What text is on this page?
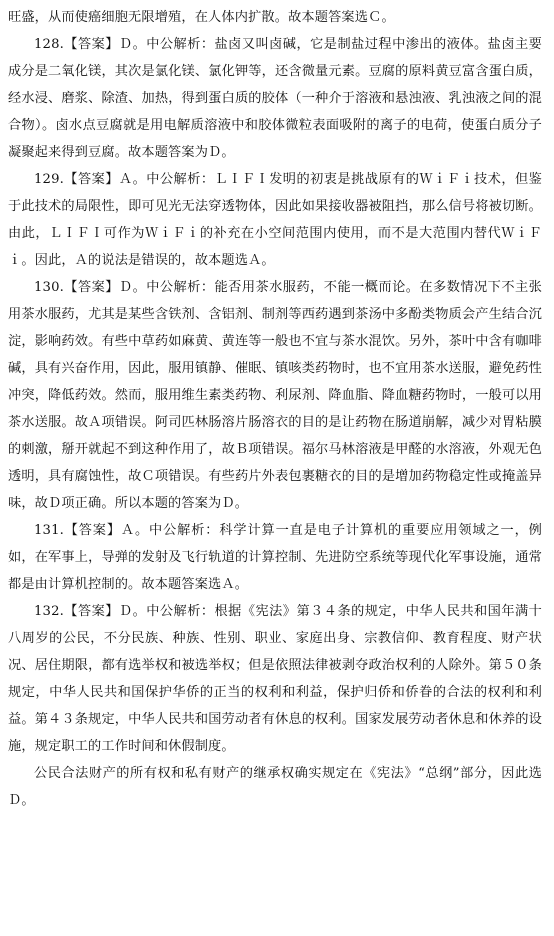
旺盛，从而使癌细胞无限增殖，在人体内扩散。故本题答案选Ｃ。

128.【答案】Ｄ。中公解析：盐卤又叫卤碱，它是制盐过程中渗出的液体。盐卤主要成分是二氧化镁，其次是氯化镁、氯化钾等，还含微量元素。豆腐的原料黄豆富含蛋白质，经水浸、磨浆、除渣、加热，得到蛋白质的胶体（一种介于溶液和悬浊液、乳浊液之间的混合物）。卤水点豆腐就是用电解质溶液中和胶体微粒表面吸附的离子的电荷，使蛋白质分子凝聚起来得到豆腐。故本题答案为Ｄ。

129.【答案】Ａ。中公解析：ＬＩＦＩ发明的初衷是挑战原有的ＷｉＦｉ技术，但鉴于此技术的局限性，即可见光无法穿透物体，因此如果接收器被阻挡，那么信号将被切断。由此，ＬＩＦＩ可作为ＷｉＦｉ的补充在小空间范围内使用，而不是大范围内替代ＷｉＦｉ。因此，Ａ的说法是错误的，故本题选Ａ。

130.【答案】Ｄ。中公解析：能否用茶水服药，不能一概而论。在多数情况下不主张用茶水服药，尤其是某些含铁剂、含铝剂、制剂等西药遇到茶汤中多酚类物质会产生结合沉淀，影响药效。有些中草药如麻黄、黄连等一般也不宜与茶水混饮。另外，茶叶中含有咖啡碱，具有兴奋作用，因此，服用镇静、催眠、镇咳类药物时，也不宜用茶水送服，避免药性冲突，降低药效。然而，服用维生素类药物、利尿剂、降血脂、降血糖药物时，一般可以用茶水送服。故Ａ项错误。阿司匹林肠溶片肠溶衣的目的是让药物在肠道崩解，减少对胃粘膜的刺激，掰开就起不到这种作用了，故Ｂ项错误。福尔马林溶液是甲醛的水溶液，外观无色透明，具有腐蚀性，故Ｃ项错误。有些药片外表包裹糖衣的目的是增加药物稳定性或掩盖异味，故Ｄ项正确。所以本题的答案为Ｄ。

131.【答案】Ａ。中公解析：科学计算一直是电子计算机的重要应用领域之一，例如，在军事上，导弹的发射及飞行轨道的计算控制、先进防空系统等现代化军事设施，通常都是由计算机控制的。故本题答案选Ａ。

132.【答案】Ｄ。中公解析：根据《宪法》第３４条的规定，中华人民共和国年满十八周岁的公民，不分民族、种族、性别、职业、家庭出身、宗教信仰、教育程度、财产状况、居住期限，都有选举权和被选举权；但是依照法律被剥夺政治权利的人除外。第５０条规定，中华人民共和国保护华侨的正当的权利和利益，保护归侨和侨眷的合法的权利和利益。第４３条规定，中华人民共和国劳动者有休息的权利。国家发展劳动者休息和休养的设施，规定职工的工作时间和休假制度。

公民合法财产的所有权和私有财产的继承权确实规定在《宪法》“总纲”部分，因此选Ｄ。
